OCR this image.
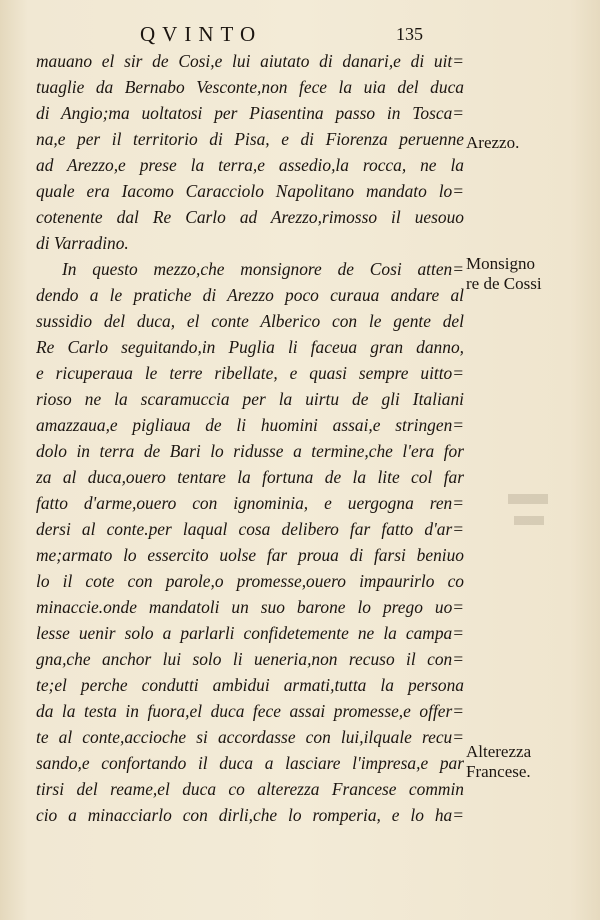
QVINTO	135
mauano el sir de Cosi,e lui aiutato di danari,e di uit=
tuaglie da Bernabo Vesconte,non fece la uia del duca
di Angio;ma uoltatosi per Piasentina passo in Tosca=
na,e per il territorio di Pisa, e di Fiorenza peruenne
ad Arezzo,e prese la terra,e assedio,la rocca, ne la
quale era Iacomo Caracciolo Napolitano mandato lo=
cotenente dal Re Carlo ad Arezzo,rimosso il uesouo
di Varradino.
In questo mezzo,che monsignore de Cosi atten=
dendo a le pratiche di Arezzo poco curaua andare al
sussidio del duca, el conte Alberico con le gente del
Re Carlo seguitando,in Puglia li faceua gran danno,
e ricuperaua le terre ribellate, e quasi sempre uitto=
rioso ne la scaramuccia per la uirtu de gli Italiani
amazzaua,e pigliaua de li huomini assai,e stringen=
dolo in terra de Bari lo ridusse a termine,che l'era for
za al duca,ouero tentare la fortuna de la lite col far
fatto d'arme,ouero con ignominia, e uergogna ren=
dersi al conte.per laqual cosa delibero far fatto d'ar=
me;armato lo essercito uolse far proua di farsi beniuo
lo il cote con parole,o promesse,ouero impaurirlo co
minaccie.onde mandatoli un suo barone lo prego uo=
lesse uenir solo a parlarli confidetemente ne la campa=
gna,che anchor lui solo li ueneria,non recuso il con=
te;el perche condutti ambidui armati,tutta la persona
da la testa in fuora,el duca fece assai promesse,e offer=
te al conte,accioche si accordasse con lui,ilquale recu=
sando,e confortando il duca a lasciare l'impresa,e par
tirsi del reame,el duca co alterezza Francese commin
cio a minacciarlo con dirli,che lo romperia, e lo ha=
Arezzo.
Monsigno
re de Cossi
Alterezza
Francese.
